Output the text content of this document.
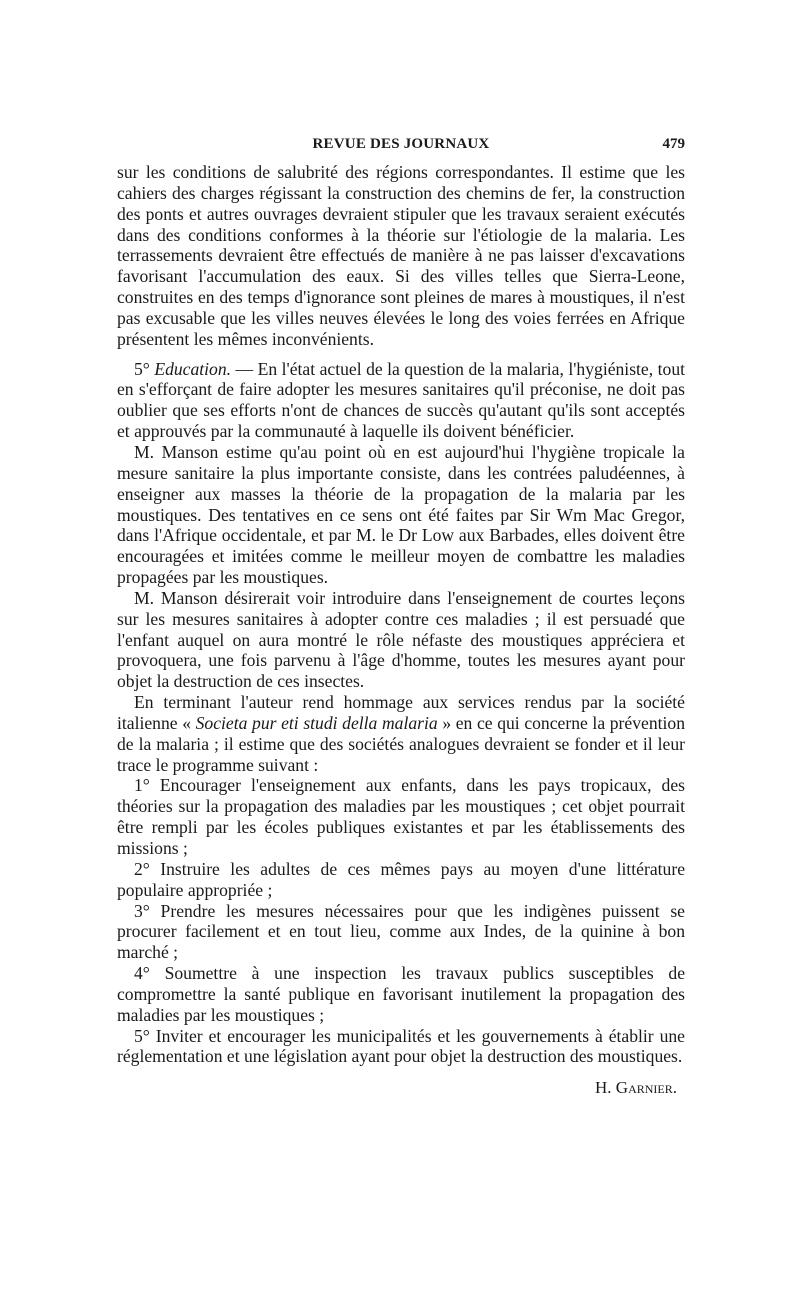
REVUE DES JOURNAUX	479

sur les conditions de salubrité des régions correspondantes. Il estime que les cahiers des charges régissant la construction des chemins de fer, la construction des ponts et autres ouvrages devraient stipuler que les travaux seraient exécutés dans des conditions conformes à la théorie sur l'étiologie de la malaria. Les terrassements devraient être effectués de manière à ne pas laisser d'excavations favorisant l'accumulation des eaux. Si des villes telles que Sierra-Leone, construites en des temps d'ignorance sont pleines de mares à moustiques, il n'est pas excusable que les villes neuves élevées le long des voies ferrées en Afrique présentent les mêmes inconvénients.

5° Education. — En l'état actuel de la question de la malaria, l'hygiéniste, tout en s'efforçant de faire adopter les mesures sanitaires qu'il préconise, ne doit pas oublier que ses efforts n'ont de chances de succès qu'autant qu'ils sont acceptés et approuvés par la communauté à laquelle ils doivent bénéficier.

M. Manson estime qu'au point où en est aujourd'hui l'hygiène tropicale la mesure sanitaire la plus importante consiste, dans les contrées paludéennes, à enseigner aux masses la théorie de la propagation de la malaria par les moustiques. Des tentatives en ce sens ont été faites par Sir Wm Mac Gregor, dans l'Afrique occidentale, et par M. le Dr Low aux Barbades, elles doivent être encouragées et imitées comme le meilleur moyen de combattre les maladies propagées par les moustiques.

M. Manson désirerait voir introduire dans l'enseignement de courtes leçons sur les mesures sanitaires à adopter contre ces maladies ; il est persuadé que l'enfant auquel on aura montré le rôle néfaste des moustiques appréciera et provoquera, une fois parvenu à l'âge d'homme, toutes les mesures ayant pour objet la destruction de ces insectes.

En terminant l'auteur rend hommage aux services rendus par la société italienne « Societa pur eti studi della malaria » en ce qui concerne la prévention de la malaria ; il estime que des sociétés analogues devraient se fonder et il leur trace le programme suivant :

1° Encourager l'enseignement aux enfants, dans les pays tropicaux, des théories sur la propagation des maladies par les moustiques ; cet objet pourrait être rempli par les écoles publiques existantes et par les établissements des missions ;

2° Instruire les adultes de ces mêmes pays au moyen d'une littérature populaire appropriée ;

3° Prendre les mesures nécessaires pour que les indigènes puissent se procurer facilement et en tout lieu, comme aux Indes, de la quinine à bon marché ;

4° Soumettre à une inspection les travaux publics susceptibles de compromettre la santé publique en favorisant inutilement la propagation des maladies par les moustiques ;

5° Inviter et encourager les municipalités et les gouvernements à établir une réglementation et une législation ayant pour objet la destruction des moustiques.

H. Garnier.
